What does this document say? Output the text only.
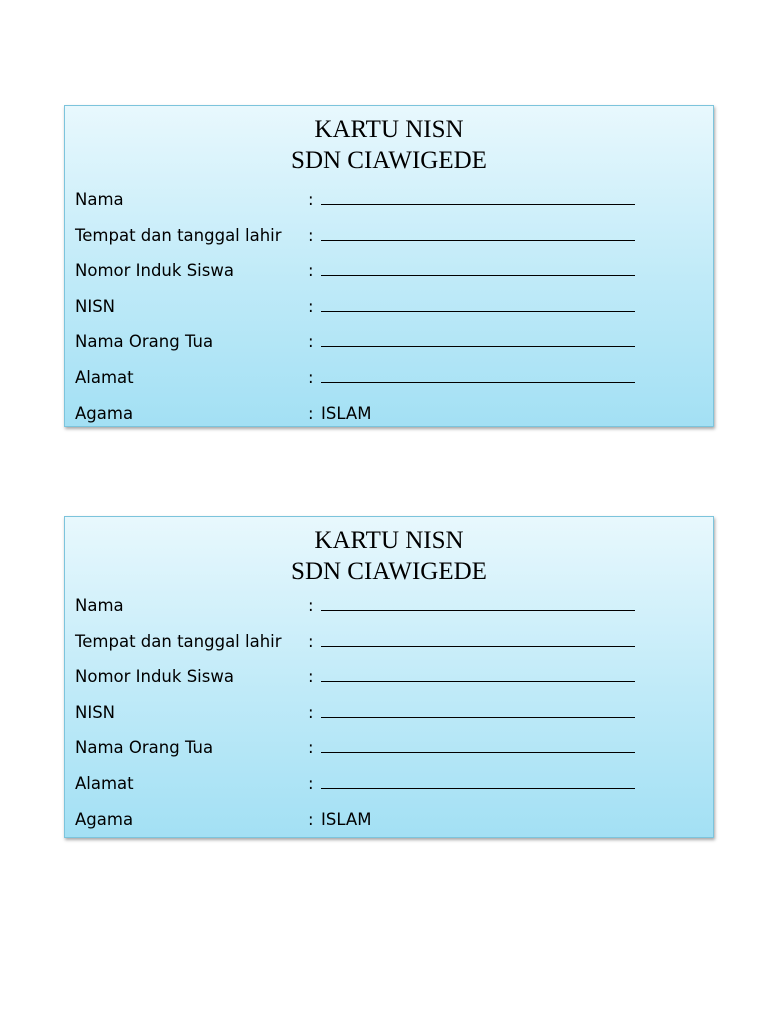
KARTU NISN
SDN CIAWIGEDE
Nama	:
Tempat dan tanggal lahir :
Nomor Induk Siswa	:
NISN	:
Nama Orang Tua	:
Alamat	:
Agama	: ISLAM
KARTU NISN
SDN CIAWIGEDE
Nama	:
Tempat dan tanggal lahir :
Nomor Induk Siswa	:
NISN	:
Nama Orang Tua	:
Alamat	:
Agama	: ISLAM
